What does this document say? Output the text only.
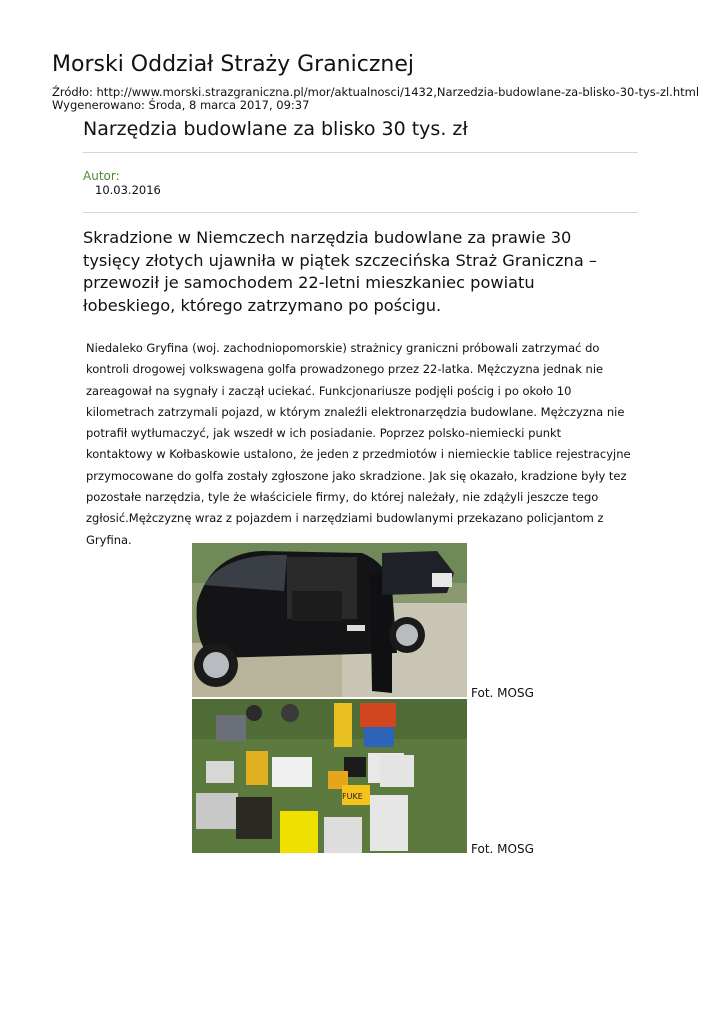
Morski Oddział Straży Granicznej
Źródło: http://www.morski.strazgraniczna.pl/mor/aktualnosci/1432,Narzedzia-budowlane-za-blisko-30-tys-zl.html
Wygenerowano: Środa, 8 marca 2017, 09:37
Narzędzia budowlane za blisko 30 tys. zł
Autor:
10.03.2016

Skradzione w Niemczech narzędzia budowlane za prawie 30 tysięcy złotych ujawniła w piątek szczecińska Straż Graniczna – przewoził je samochodem 22-letni mieszkaniec powiatu łobeskiego, którego zatrzymano po pościgu.

Niedaleko Gryfina (woj. zachodniopomorskie) strażnicy graniczni próbowali zatrzymać do kontroli drogowej volkswagena golfa prowadzonego przez 22-latka. Mężczyzna jednak nie zareagował na sygnały i zaczął uciekać. Funkcjonariusze podjęli pościg i po około 10 kilometrach zatrzymali pojazd, w którym znaleźli elektronarzędzia budowlane. Mężczyzna nie potrafił wytłumaczyć, jak wszedł w ich posiadanie. Poprzez polsko-niemiecki punkt kontaktowy w Kołbaskowie ustalono, że jeden z przedmiotów i niemieckie tablice rejestracyjne przymocowane do golfa zostały zgłoszone jako skradzione. Jak się okazało, kradzione były tez pozostałe narzędzia, tyle że właściciele firmy, do której należały, nie zdążyli jeszcze tego zgłosić.Mężczyznę wraz z pojazdem i narzędziami budowlanymi przekazano policjantom z Gryfina.

Fot. MOSG
FUKE
Fot. MOSG
